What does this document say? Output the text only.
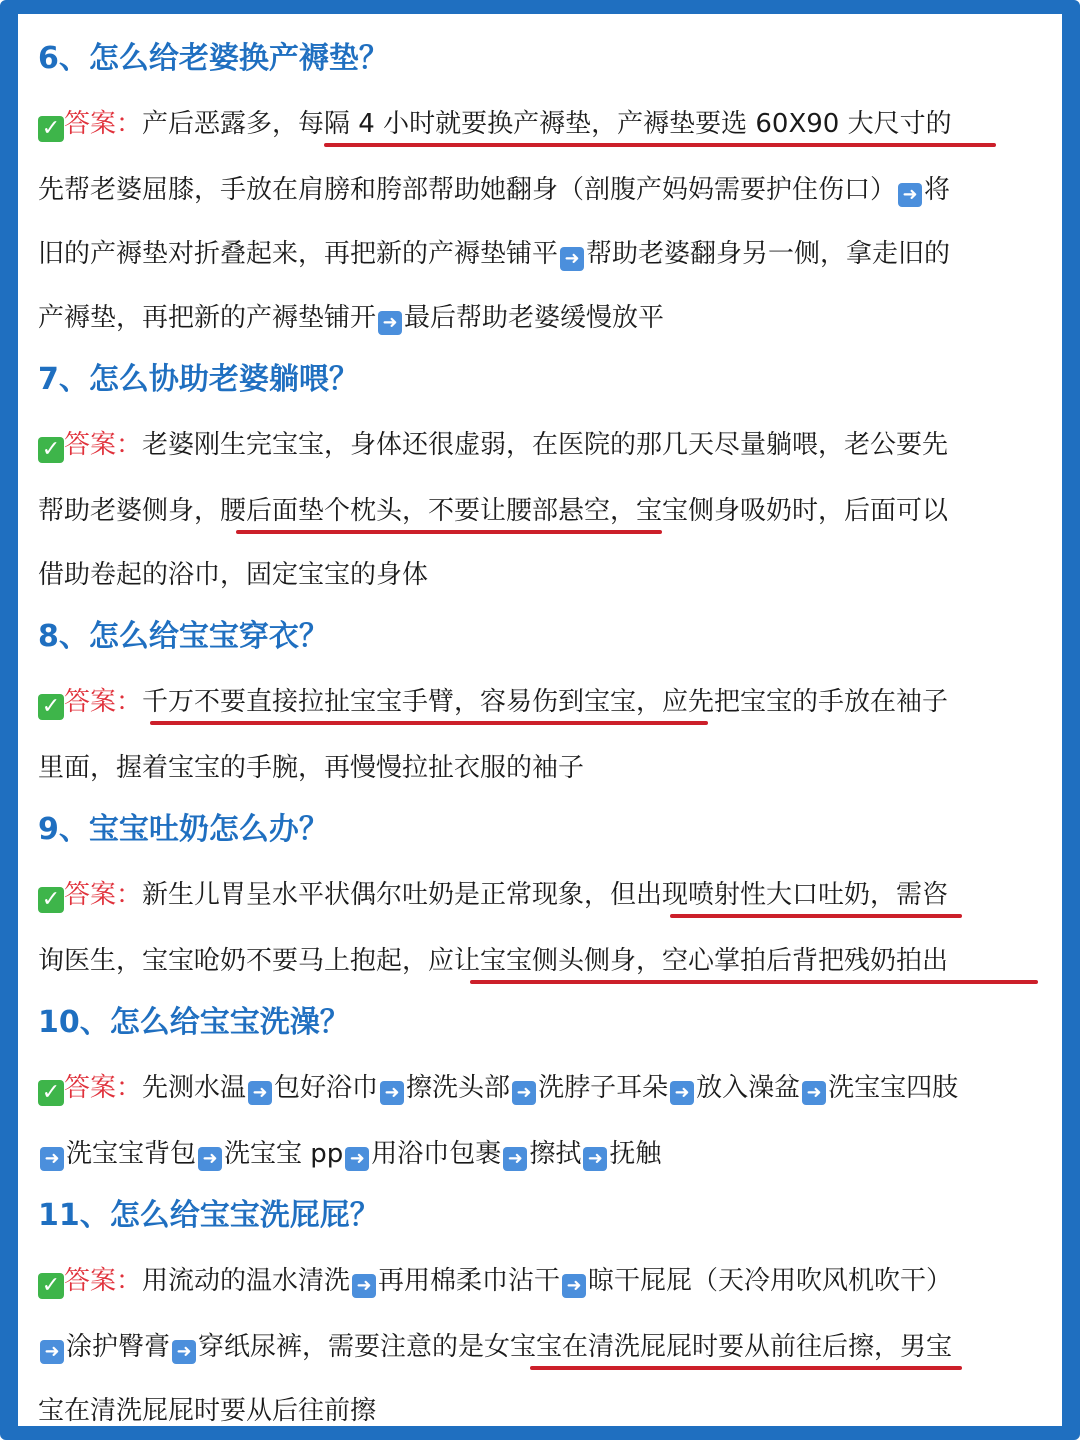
6、怎么给老婆换产褥垫？
✓ 答案：产后恶露多，每隔 4 小时就要换产褥垫，产褥垫要选 60X90 大尺寸的
先帮老婆屈膝，手放在肩膀和胯部帮助她翻身（剖腹产妈妈需要护住伤口） ➜ 将
旧的产褥垫对折叠起来，再把新的产褥垫铺平 ➜ 帮助老婆翻身另一侧，拿走旧的
产褥垫，再把新的产褥垫铺开 ➜ 最后帮助老婆缓慢放平
7、怎么协助老婆躺喂？
✓ 答案：老婆刚生完宝宝，身体还很虚弱，在医院的那几天尽量躺喂，老公要先
帮助老婆侧身，腰后面垫个枕头，不要让腰部悬空，宝宝侧身吸奶时，后面可以
借助卷起的浴巾，固定宝宝的身体
8、怎么给宝宝穿衣？
✓ 答案：千万不要直接拉扯宝宝手臂，容易伤到宝宝，应先把宝宝的手放在袖子
里面，握着宝宝的手腕，再慢慢拉扯衣服的袖子
9、宝宝吐奶怎么办？
✓ 答案：新生儿胃呈水平状偶尔吐奶是正常现象，但出现喷射性大口吐奶，需咨
询医生，宝宝呛奶不要马上抱起，应让宝宝侧头侧身，空心掌拍后背把残奶拍出
10、怎么给宝宝洗澡？
✓ 答案：先测水温 ➜ 包好浴巾 ➜ 擦洗头部 ➜ 洗脖子耳朵 ➜ 放入澡盆 ➜ 洗宝宝四肢
➜ 洗宝宝背包 ➜ 洗宝宝 pp ➜ 用浴巾包裹 ➜ 擦拭 ➜ 抚触
11、怎么给宝宝洗屁屁？
✓ 答案：用流动的温水清洗 ➜ 再用棉柔巾沾干 ➜ 晾干屁屁（天冷用吹风机吹干）
➜ 涂护臀膏 ➜ 穿纸尿裤，需要注意的是女宝宝在清洗屁屁时要从前往后擦，男宝
宝在清洗屁屁时要从后往前擦
